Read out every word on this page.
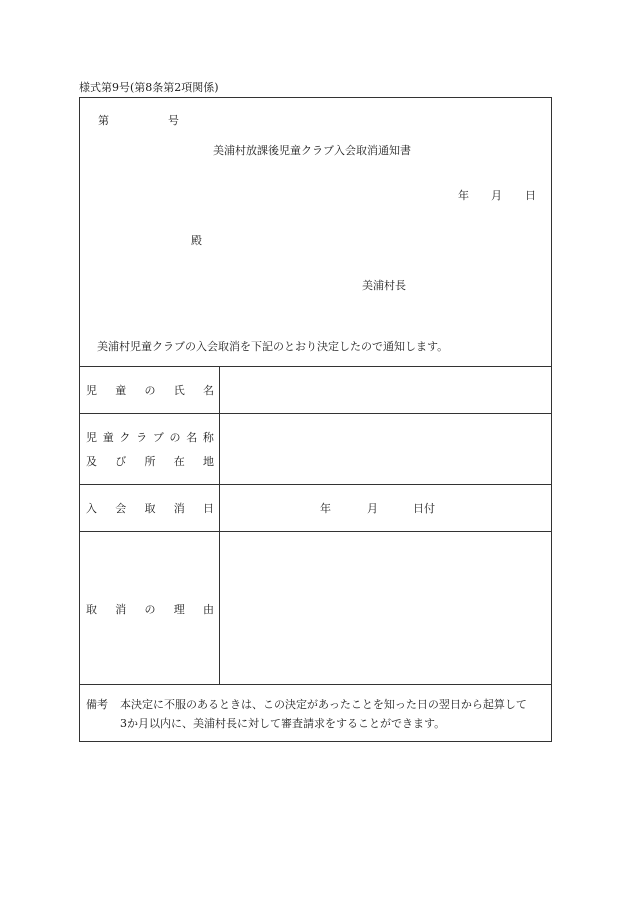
様式第9号(第8条第2項関係)
第	号
美浦村放課後児童クラブ入会取消通知書
年 月 日
殿
美浦村長
美浦村児童クラブの入会取消を下記のとおり決定したので通知します。
児 童 の 氏 名
児 童 ク ラ ブ の 名 称
及 び 所 在 地
入 会 取 消 日	年	月	日付
取 消 の 理 由
備考 本決定に不服のあるときは、この決定があったことを知った日の翌日から起算して
3か月以内に、美浦村長に対して審査請求をすることができます。
